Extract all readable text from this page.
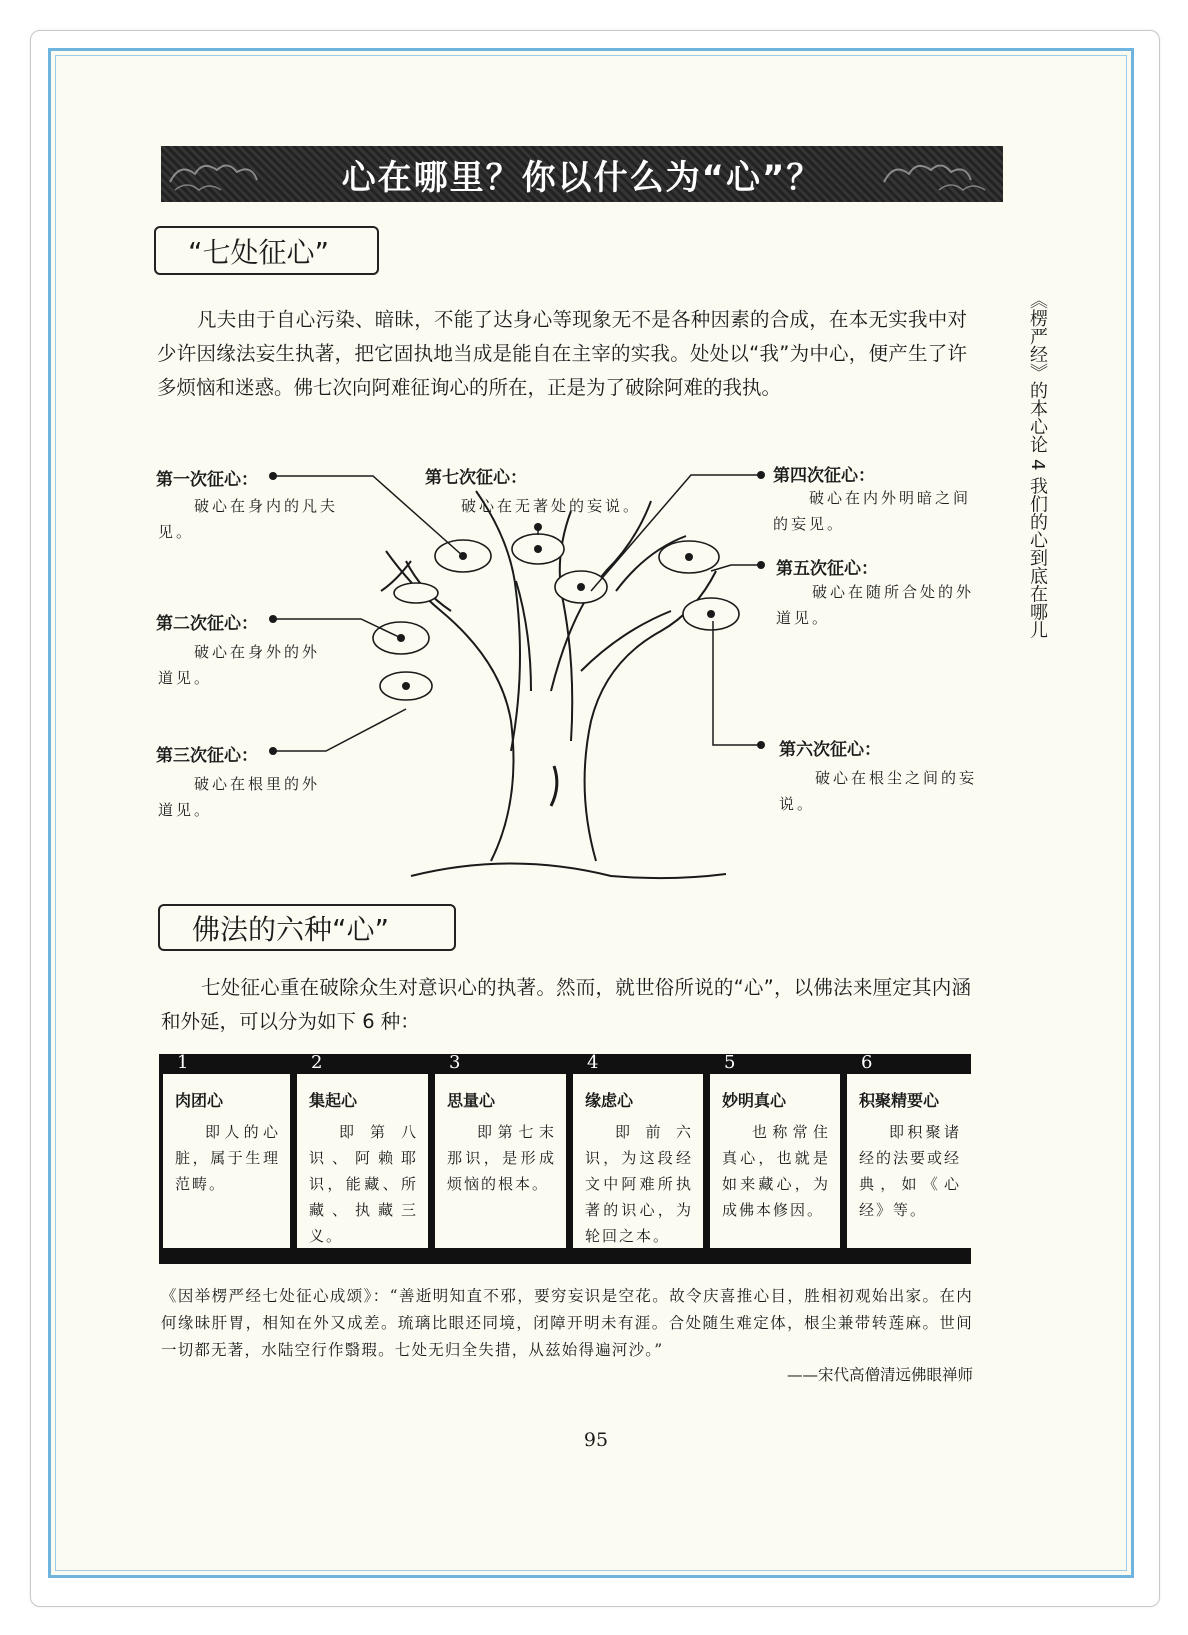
心在哪里？你以什么为“心”？
“七处征心”
凡夫由于自心污染、暗昧，不能了达身心等现象无不是各种因素的合成，在本无实我中对少许因缘法妄生执著，把它固执地当成是能自在主宰的实我。处处以“我”为中心，便产生了许多烦恼和迷惑。佛七次向阿难征询心的所在，正是为了破除阿难的我执。	《楞严经》的本心论4我们的心到底在哪儿
第一次征心：
破心在身内的凡夫见。
第二次征心：
破心在身外的外道见。
第三次征心：
破心在根里的外道见。
第四次征心：
破心在内外明暗之间的妄见。
第五次征心：
破心在随所合处的外道见。
第六次征心：
破心在根尘之间的妄说。
第七次征心：
破心在无著处的妄说。
佛法的六种“心”
七处征心重在破除众生对意识心的执著。然而，就世俗所说的“心”，以佛法来厘定其内涵和外延，可以分为如下 6 种：
1
肉团心
即人的心脏，属于生理范畴。
2
集起心
即第八识、阿赖耶识，能藏、所藏、执藏三义。
3
思量心
即第七末那识，是形成烦恼的根本。
4
缘虑心
即前六识，为这段经文中阿难所执著的识心，为轮回之本。
5
妙明真心
也称常住真心，也就是如来藏心，为成佛本修因。
6
积聚精要心
即积聚诸经的法要或经典，如《心经》等。
《因举楞严经七处征心成颂》：“善逝明知直不邪，要穷妄识是空花。故令庆喜推心目，胜相初观始出家。在内何缘昧肝胃，相知在外又成差。琉璃比眼还同境，闭障开明未有涯。合处随生难定体，根尘兼带转莲麻。世间一切都无著，水陆空行作翳瑕。七处无归全失措，从兹始得遍河沙。”
——宋代高僧清远佛眼禅师
95
